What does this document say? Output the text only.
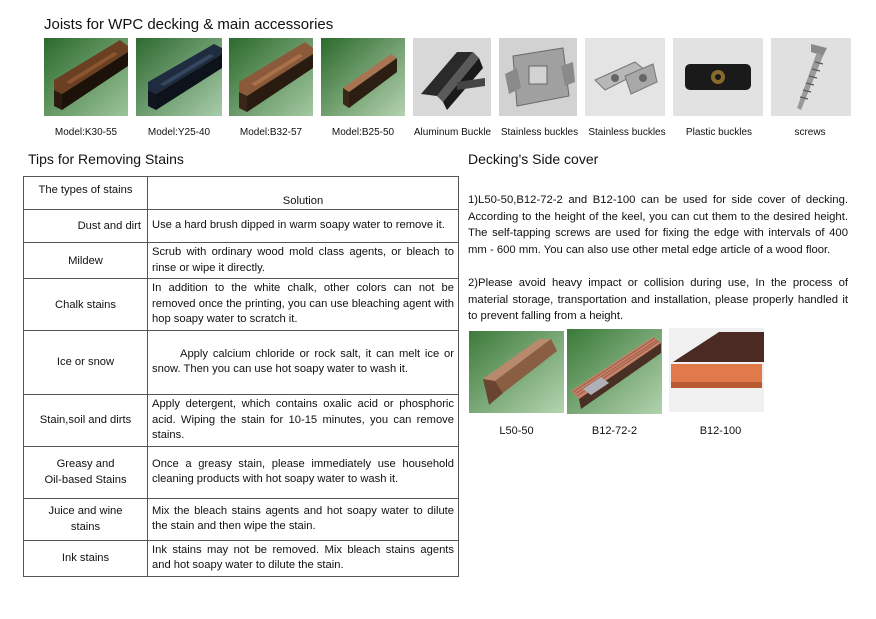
Joists for WPC decking & main accessories
Model:K30-55	Model:Y25-40	Model:B32-57	Model:B25-50	Aluminum Buckle Stainless buckles	Stainless buckles	Plastic buckles	screws
Tips for Removing Stains
The types of stains	Solution
Dust and dirt	Use a hard brush dipped in warm soapy water to remove it.
Mildew	Scrub with ordinary wood mold class agents, or bleach to rinse or wipe it directly.
Chalk stains	In addition to the white chalk, other colors can not be removed once the printing, you can use bleaching agent with hop soapy water to scratch it.
Ice or snow	Apply calcium chloride or rock salt, it can melt ice or snow. Then you can use hot soapy water to wash it.
Stain,soil and dirts	Apply detergent, which contains oxalic acid or phosphoric acid. Wiping the stain for 10-15 minutes, you can remove stains.

Greasy and
Oil-based Stains	Once a greasy stain, please immediately use household cleaning products with hot soapy water to wash it.

Juice and wine
stains	Mix the bleach stains agents and hot soapy water to dilute the stain and then wipe the stain.
Ink stains	Ink stains may not be removed. Mix bleach stains agents and hot soapy water to dilute the stain.
Decking's Side cover
1)L50-50,B12-72-2 and B12-100 can be used for side cover of decking. According to the height of the keel, you can cut them to the desired height. The self-tapping screws are used for fixing the edge with intervals of 400 mm - 600 mm. You can also use other metal edge article of a wood floor.
2)Please avoid heavy impact or collision during use, In the process of material storage, transportation and installation, please properly handled it to prevent falling from a height.
L50-50	B12-72-2	B12-100
